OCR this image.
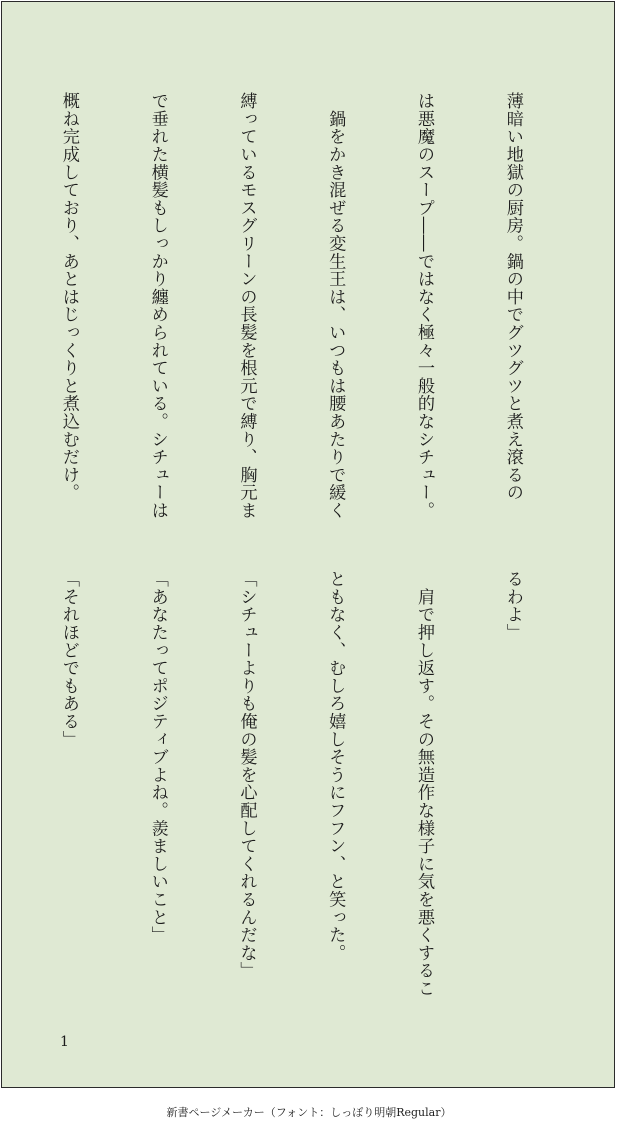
薄暗い地獄の厨房。鍋の中でグツグツと煮え滾るの

は悪魔のスープ――ではなく極々一般的なシチュー。

　鍋をかき混ぜる変生王は、いつもは腰あたりで緩く

縛っているモスグリーンの長髪を根元で縛り、胸元ま

で垂れた横髪もしっかり纏められている。シチューは

概ね完成しており、あとはじっくりと煮込むだけ。

るわよ」

　肩で押し返す。その無造作な様子に気を悪くするこ

ともなく、むしろ嬉しそうにフフン、と笑った。

「シチューよりも俺の髪を心配してくれるんだな」

「あなたってポジティブよね。羨ましいこと」

「それほどでもある」

1
新書ページメーカー（フォント：しっぽり明朝Regular）
